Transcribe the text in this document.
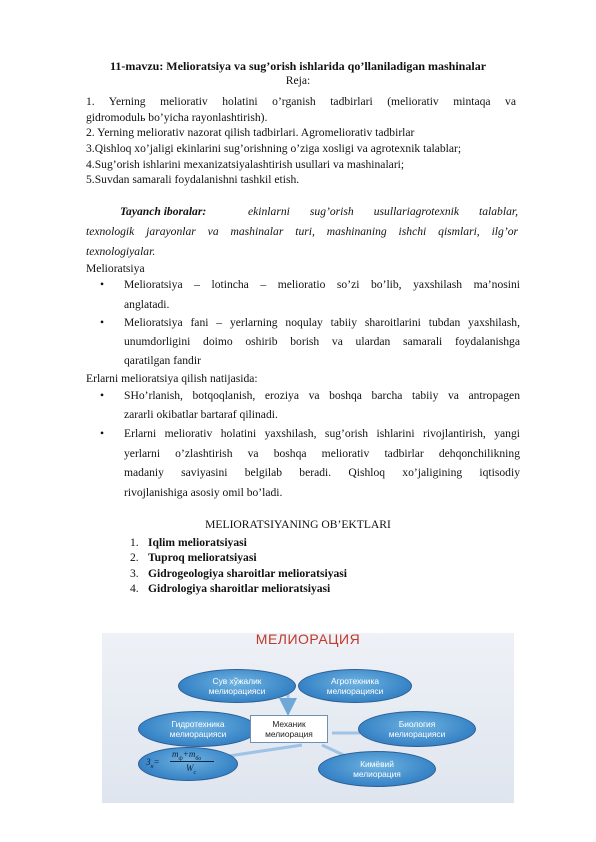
11-mavzu: Melioratsiya va sug’orish ishlarida qo’llaniladigan mashinalar
Reja:
1. Yerning meliorativ holatini o’rganish tadbirlari (meliorativ mintaqa va
gidromodulь bo’yicha rayonlashtirish).
2. Yerning meliorativ nazorat qilish tadbirlari. Agromeliorativ tadbirlar
3.Qishloq xo’jaligi ekinlarini sug’orishning o’ziga xosligi va agrotexnik talablar;
4.Sug’orish ishlarini mexanizatsiyalashtirish usullari va mashinalari;
5.Suvdan samarali foydalanishni tashkil etish.
Tayanch iboralar:	ekinlarni sug’orish usullariagrotexnik talablar,
texnologik jarayonlar va mashinalar turi, mashinaning ishchi qismlari, ilg’or
texnologiyalar.
Melioratsiya
•	Melioratsiya – lotincha – melioratio so’zi bo’lib, yaxshilash ma’nosini
anglatadi.
•	Melioratsiya fani – yerlarning noqulay tabiiy sharoitlarini tubdan yaxshilash,
unumdorligini doimo oshirib borish va ulardan samarali foydalanishga
qaratilgan fandir
Erlarni melioratsiya qilish natijasida:
•	SHo’rlanish, botqoqlanish, eroziya va boshqa barcha tabiiy va antropagen
zararli okibatlar bartaraf qilinadi.
•	Erlarni meliorativ holatini yaxshilash, sug’orish ishlarini rivojlantirish, yangi
yerlarni o’zlashtirish va boshqa meliorativ tadbirlar dehqonchilikning
madaniy saviyasini belgilab beradi. Qishloq xo’jaligining iqtisodiy
rivojlanishiga asosiy omil bo’ladi.
MELIORATSIYANING OB’EKTLARI
1. Iqlim melioratsiyasi
2. Tuproq melioratsiyasi
3. Gidrogeologiya sharoitlar melioratsiyasi
4. Gidrologiya sharoitlar melioratsiyasi
МЕЛИОРАЦИЯ
Сув хўжалик
мелиорацияси
Агротехника
мелиорацияси
Гидротехника
мелиорацияси
Механик
мелиорация
Биология
мелиорацияси
Кимёвий
мелиорация
$З_н=$
$m_ф+m_{бо}$
$W_c$
